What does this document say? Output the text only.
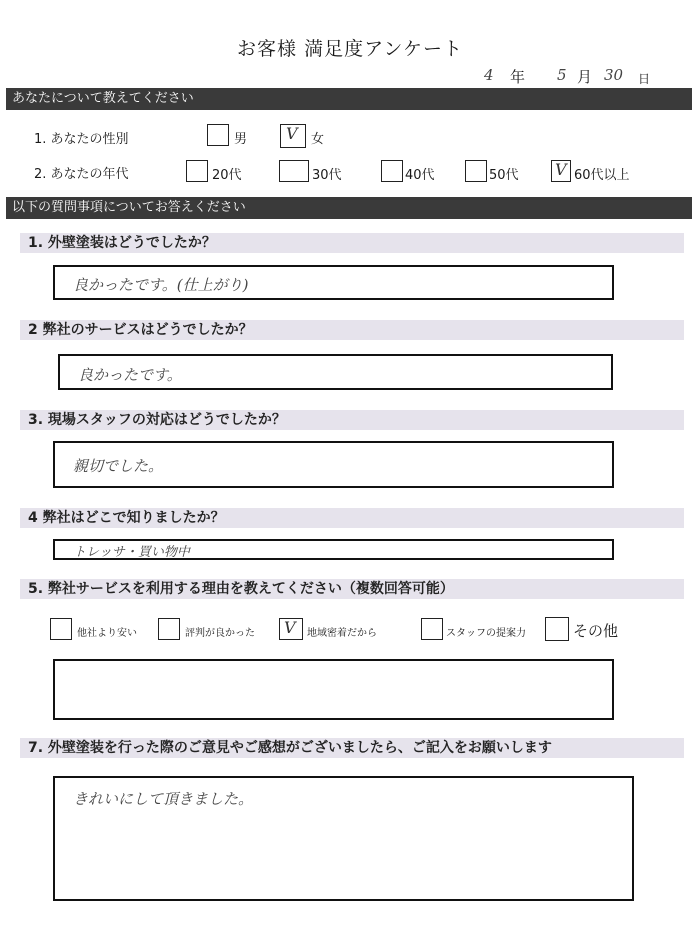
お客様 満足度アンケート
4 年 5 月 30 日
あなたについて教えてください
1. あなたの性別	男 V 女
2. あなたの年代	20代	30代	40代	50代 V 60代以上
以下の質問事項についてお答えください
1. 外壁塗装はどうでしたか？
良かったです。(仕上がり)
2 弊社のサービスはどうでしたか？
良かったです。
3. 現場スタッフの対応はどうでしたか？
親切でした。
4 弊社はどこで知りましたか？
トレッサ・買い物中
5. 弊社サービスを利用する理由を教えてください（複数回答可能）
他社より安い	評判が良かった V 地域密着だから	スタッフの提案力	その他
7. 外壁塗装を行った際のご意見やご感想がございましたら、ご記入をお願いします
きれいにして頂きました。
